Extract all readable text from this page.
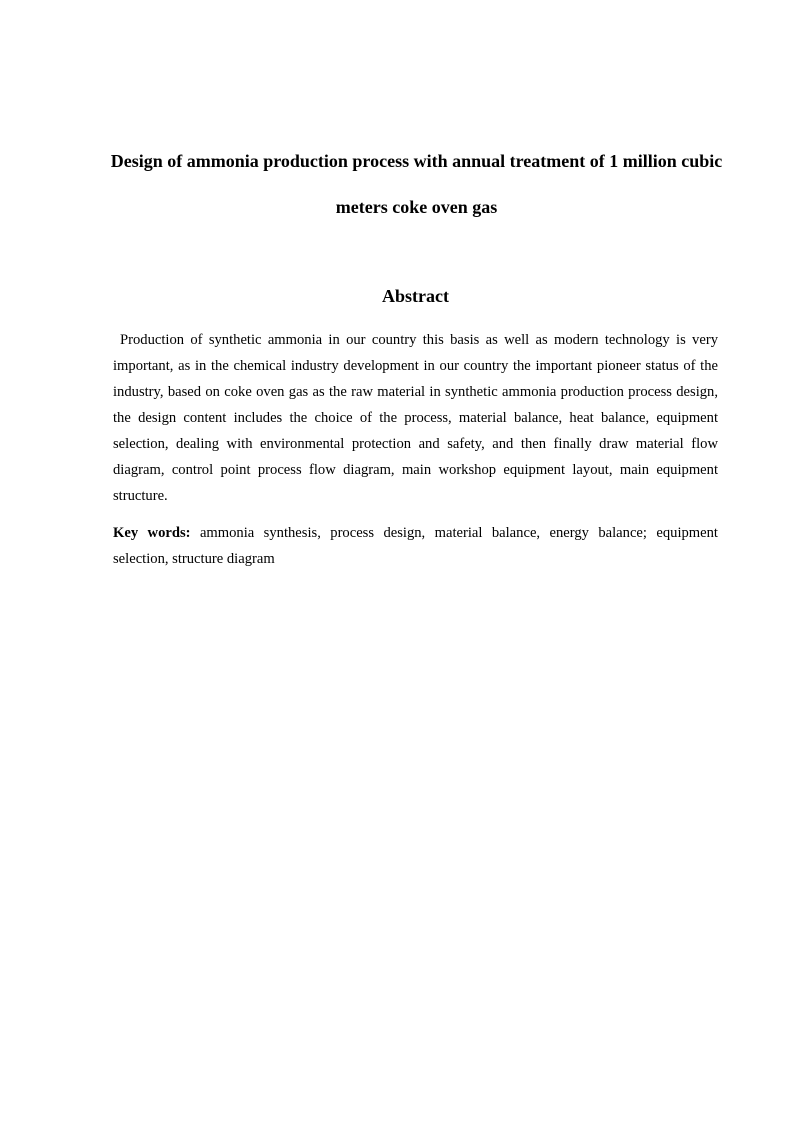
Design of ammonia production process with annual treatment of 1 million cubic meters coke oven gas
Abstract

Production of synthetic ammonia in our country this basis as well as modern technology is very important, as in the chemical industry development in our country the important pioneer status of the industry, based on coke oven gas as the raw material in synthetic ammonia production process design, the design content includes the choice of the process, material balance, heat balance, equipment selection, dealing with environmental protection and safety, and then finally draw material flow diagram, control point process flow diagram, main workshop equipment layout, main equipment structure.

Key words: ammonia synthesis, process design, material balance, energy balance; equipment selection, structure diagram
